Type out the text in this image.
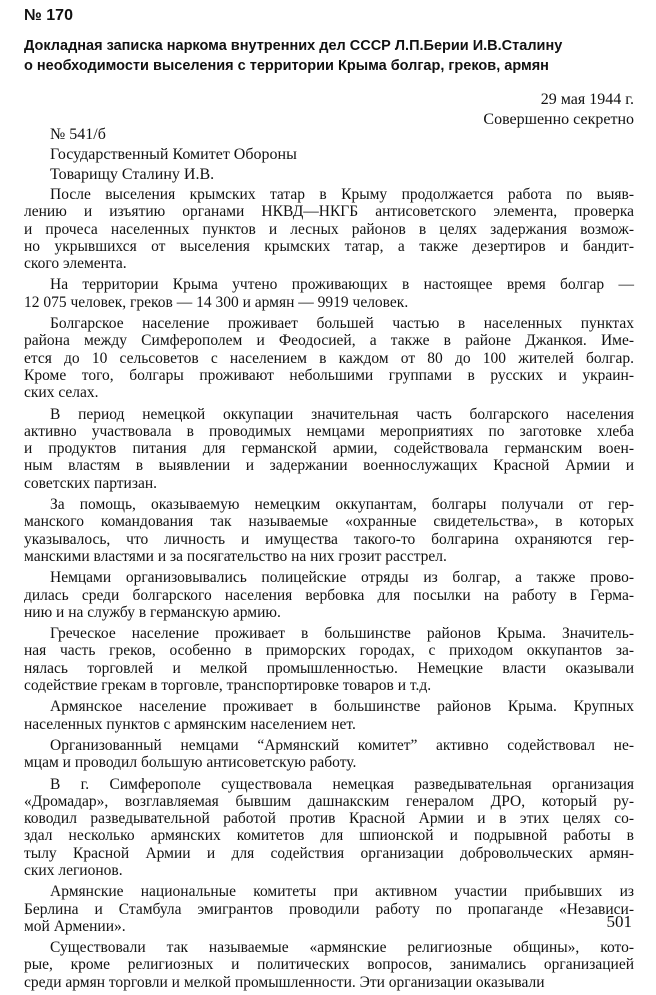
№ 170
Докладная записка наркома внутренних дел СССР Л.П.Берии И.В.Сталину
о необходимости выселения с территории Крыма болгар, греков, армян
29 мая 1944 г.
Совершенно секретно
№ 541/б
Государственный Комитет Обороны
Товарищу Сталину И.В.
После выселения крымских татар в Крыму продолжается работа по выяв-
лению и изъятию органами НКВД—НКГБ антисоветского элемента, проверка
и прочеса населенных пунктов и лесных районов в целях задержания возмож-
но укрывшихся от выселения крымских татар, а также дезертиров и бандит-
ского элемента.
На территории Крыма учтено проживающих в настоящее время болгар —
12 075 человек, греков — 14 300 и армян — 9919 человек.
Болгарское население проживает большей частью в населенных пунктах
района между Симферополем и Феодосией, а также в районе Джанкоя. Име-
ется до 10 сельсоветов с населением в каждом от 80 до 100 жителей болгар.
Кроме того, болгары проживают небольшими группами в русских и украин-
ских селах.
В период немецкой оккупации значительная часть болгарского населения
активно участвовала в проводимых немцами мероприятиях по заготовке хлеба
и продуктов питания для германской армии, содействовала германским воен-
ным властям в выявлении и задержании военнослужащих Красной Армии и
советских партизан.
За помощь, оказываемую немецким оккупантам, болгары получали от гер-
манского командования так называемые «охранные свидетельства», в которых
указывалось, что личность и имущества такого-то болгарина охраняются гер-
манскими властями и за посягательство на них грозит расстрел.
Немцами организовывались полицейские отряды из болгар, а также прово-
дилась среди болгарского населения вербовка для посылки на работу в Герма-
нию и на службу в германскую армию.
Греческое население проживает в большинстве районов Крыма. Значитель-
ная часть греков, особенно в приморских городах, с приходом оккупантов за-
нялась торговлей и мелкой промышленностью. Немецкие власти оказывали
содействие грекам в торговле, транспортировке товаров и т.д.
Армянское население проживает в большинстве районов Крыма. Крупных
населенных пунктов с армянским населением нет.
Организованный немцами “Армянский комитет” активно содействовал не-
мцам и проводил большую антисоветскую работу.
В г. Симферополе существовала немецкая разведывательная организация
«Дромадар», возглавляемая бывшим дашнакским генералом ДРО, который ру-
ководил разведывательной работой против Красной Армии и в этих целях со-
здал несколько армянских комитетов для шпионской и подрывной работы в
тылу Красной Армии и для содействия организации добровольческих армян-
ских легионов.
Армянские национальные комитеты при активном участии прибывших из
Берлина и Стамбула эмигрантов проводили работу по пропаганде «Независи-
мой Армении».
Существовали так называемые «армянские религиозные общины», кото-
рые, кроме религиозных и политических вопросов, занимались организацией
среди армян торговли и мелкой промышленности. Эти организации оказывали
501
